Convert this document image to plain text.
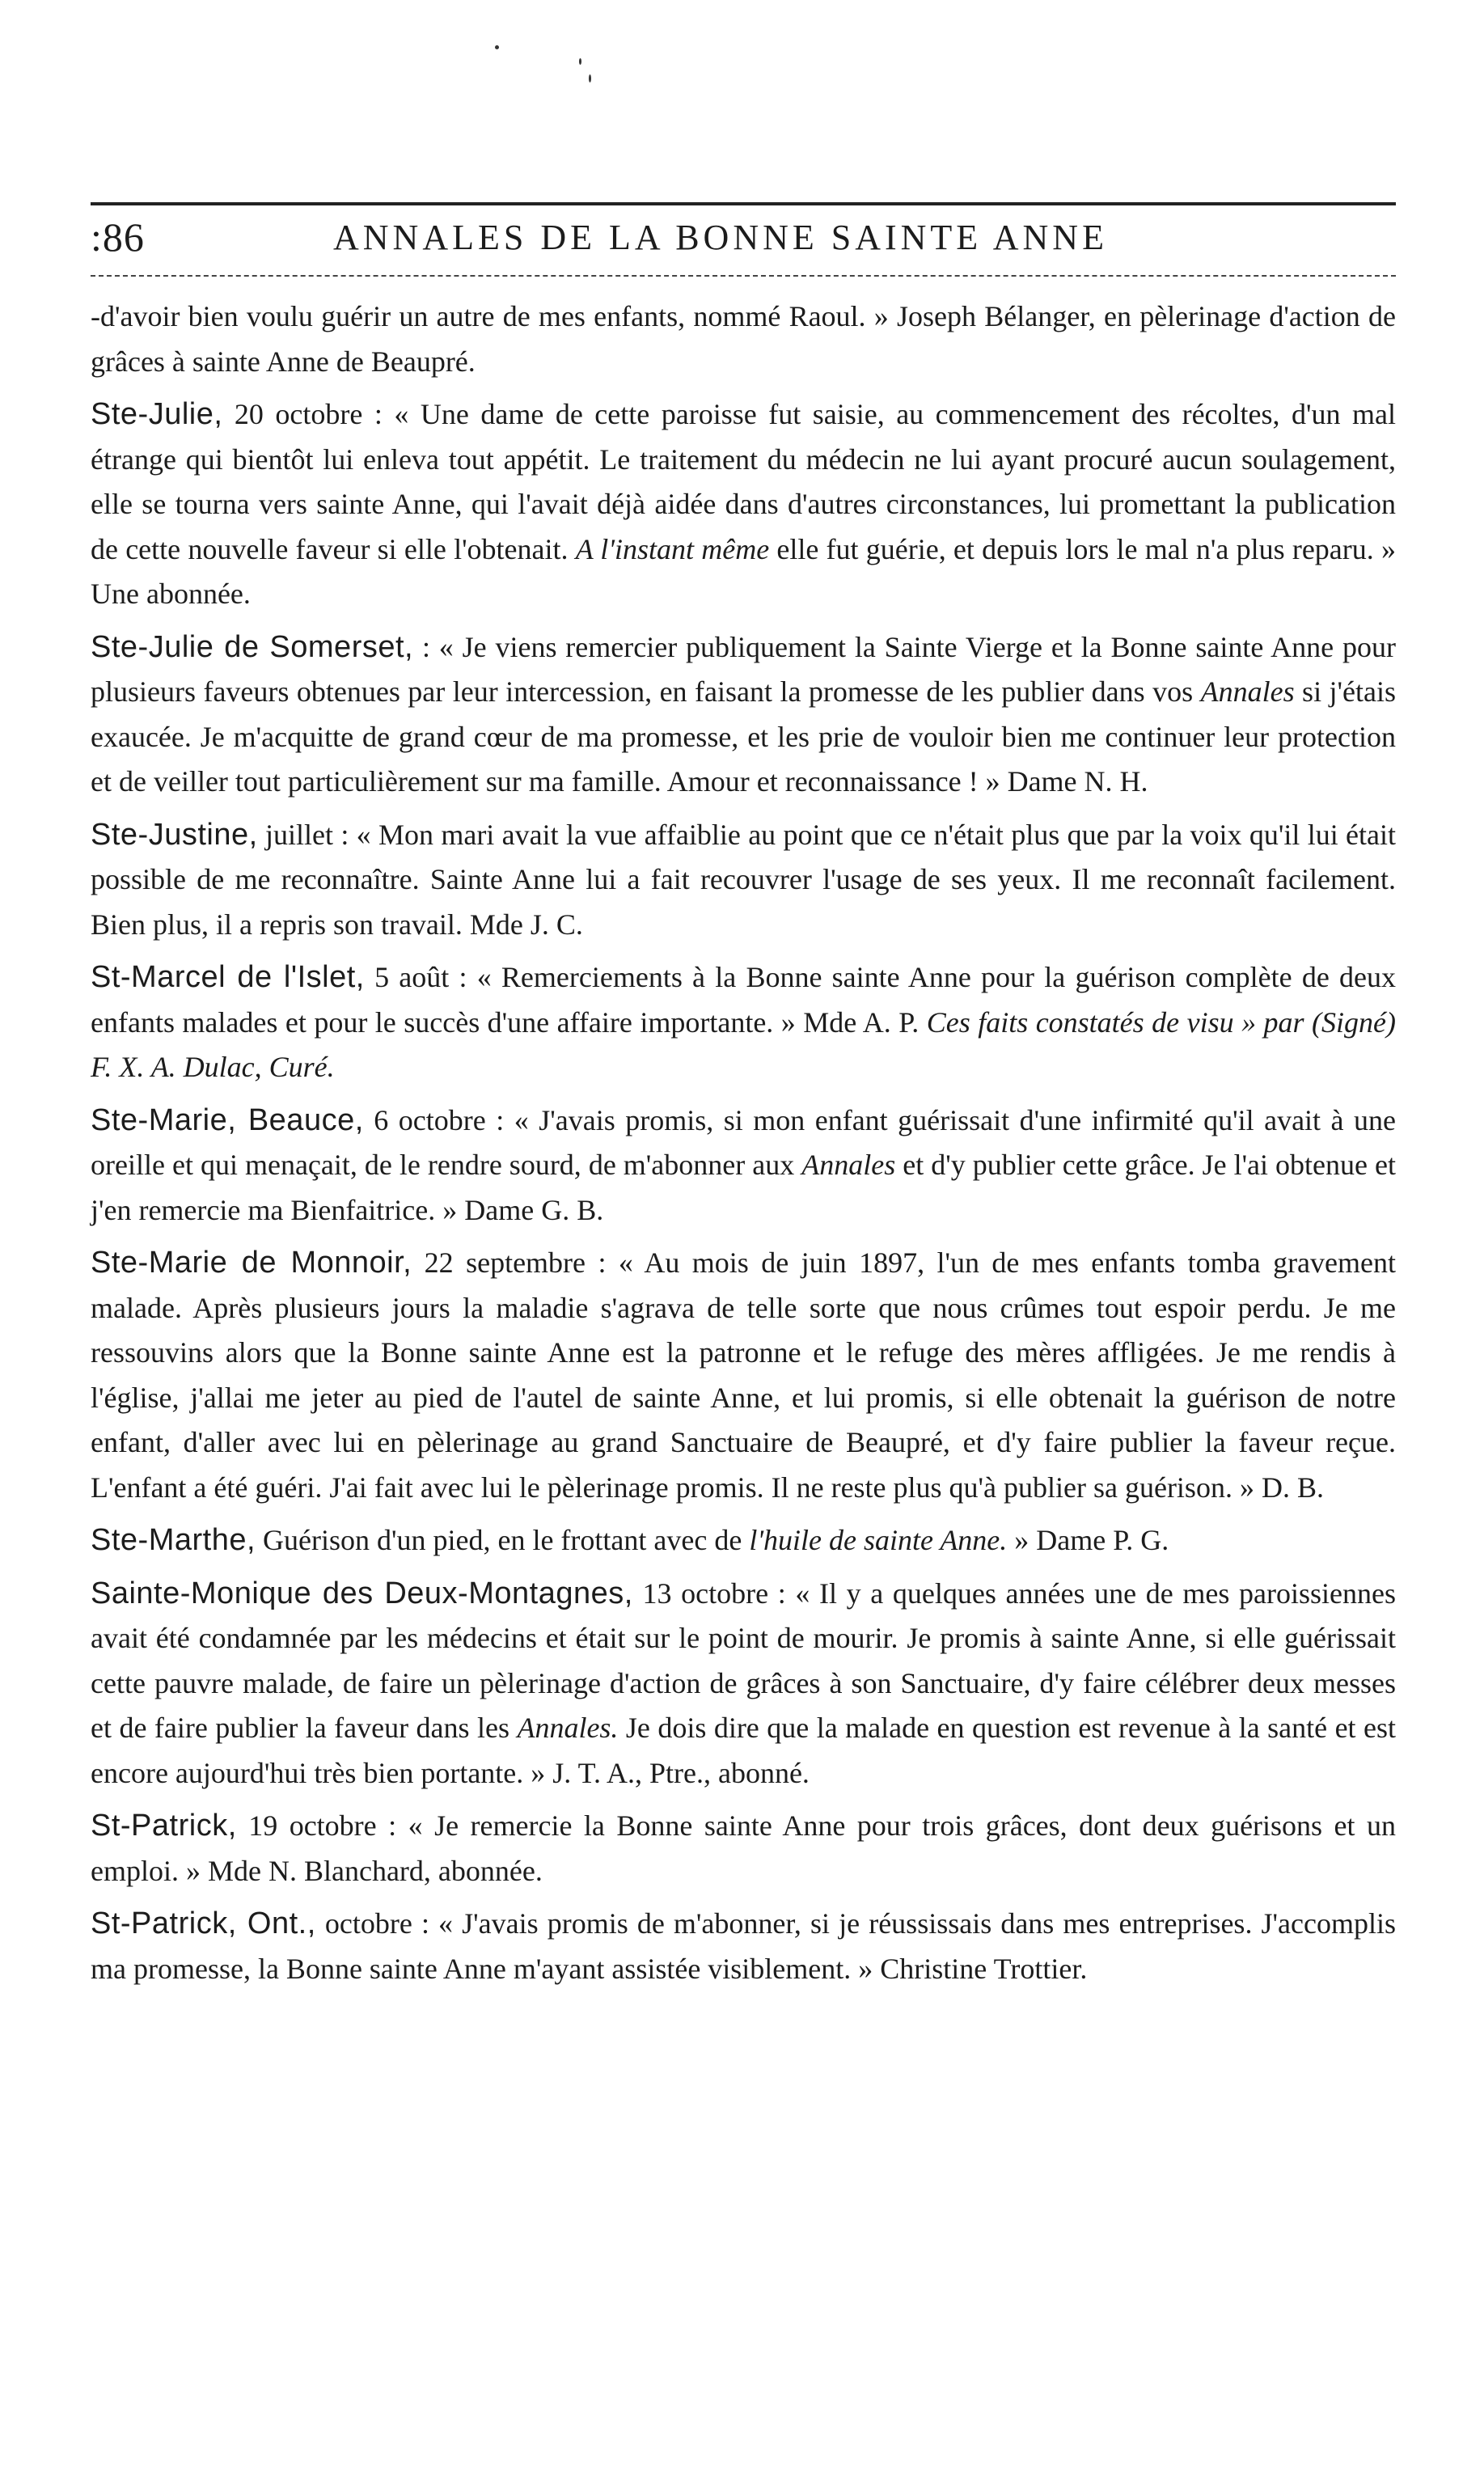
:86	ANNALES DE LA BONNE SAINTE ANNE

-d'avoir bien voulu guérir un autre de mes enfants, nommé Raoul. » Joseph Bélanger, en pèlerinage d'action de grâces à sainte Anne de Beaupré.

Ste-Julie, 20 octobre : « Une dame de cette paroisse fut saisie, au commencement des récoltes, d'un mal étrange qui bientôt lui enleva tout appétit. Le traitement du médecin ne lui ayant procuré aucun soulagement, elle se tourna vers sainte Anne, qui l'avait déjà aidée dans d'autres circonstances, lui promettant la publication de cette nouvelle faveur si elle l'obtenait. A l'instant même elle fut guérie, et depuis lors le mal n'a plus reparu. » Une abonnée.

Ste-Julie de Somerset, : « Je viens remercier publiquement la Sainte Vierge et la Bonne sainte Anne pour plusieurs faveurs obtenues par leur intercession, en faisant la promesse de les publier dans vos Annales si j'étais exaucée. Je m'acquitte de grand cœur de ma promesse, et les prie de vouloir bien me continuer leur protection et de veiller tout particulièrement sur ma famille. Amour et reconnaissance ! » Dame N. H.

Ste-Justine, juillet : « Mon mari avait la vue affaiblie au point que ce n'était plus que par la voix qu'il lui était possible de me reconnaître. Sainte Anne lui a fait recouvrer l'usage de ses yeux. Il me reconnaît facilement. Bien plus, il a repris son travail. Mde J. C.

St-Marcel de l'Islet, 5 août : « Remerciements à la Bonne sainte Anne pour la guérison complète de deux enfants malades et pour le succès d'une affaire importante. » Mde A. P. Ces faits constatés de visu » par (Signé) F. X. A. Dulac, Curé.

Ste-Marie, Beauce, 6 octobre : « J'avais promis, si mon enfant guérissait d'une infirmité qu'il avait à une oreille et qui menaçait, de le rendre sourd, de m'abonner aux Annales et d'y publier cette grâce. Je l'ai obtenue et j'en remercie ma Bienfaitrice. » Dame G. B.

Ste-Marie de Monnoir, 22 septembre : « Au mois de juin 1897, l'un de mes enfants tomba gravement malade. Après plusieurs jours la maladie s'agrava de telle sorte que nous crûmes tout espoir perdu. Je me ressouvins alors que la Bonne sainte Anne est la patronne et le refuge des mères affligées. Je me rendis à l'église, j'allai me jeter au pied de l'autel de sainte Anne, et lui promis, si elle obtenait la guérison de notre enfant, d'aller avec lui en pèlerinage au grand Sanctuaire de Beaupré, et d'y faire publier la faveur reçue. L'enfant a été guéri. J'ai fait avec lui le pèlerinage promis. Il ne reste plus qu'à publier sa guérison. » D. B.

Ste-Marthe, Guérison d'un pied, en le frottant avec de l'huile de sainte Anne. » Dame P. G.

Sainte-Monique des Deux-Montagnes, 13 octobre : « Il y a quelques années une de mes paroissiennes avait été condamnée par les médecins et était sur le point de mourir. Je promis à sainte Anne, si elle guérissait cette pauvre malade, de faire un pèlerinage d'action de grâces à son Sanctuaire, d'y faire célébrer deux messes et de faire publier la faveur dans les Annales. Je dois dire que la malade en question est revenue à la santé et est encore aujourd'hui très bien portante. » J. T. A., Ptre., abonné.

St-Patrick, 19 octobre : « Je remercie la Bonne sainte Anne pour trois grâces, dont deux guérisons et un emploi. » Mde N. Blanchard, abonnée.

St-Patrick, Ont., octobre : « J'avais promis de m'abonner, si je réussissais dans mes entreprises. J'accomplis ma promesse, la Bonne sainte Anne m'ayant assistée visiblement. » Christine Trottier.
